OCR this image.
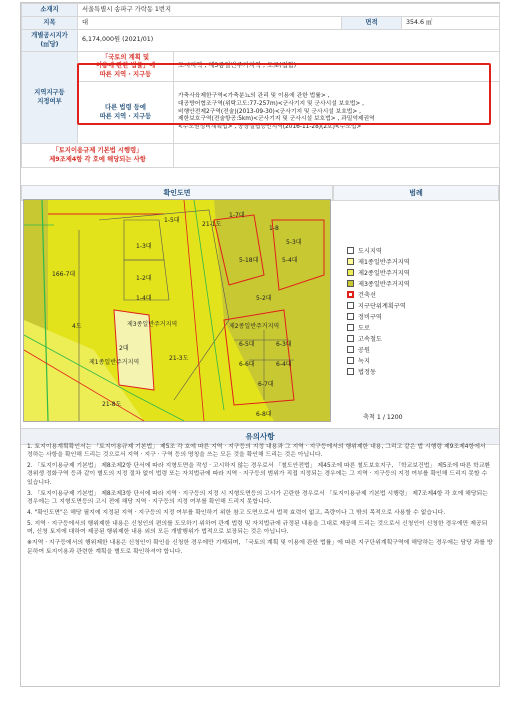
소재지	서울특별시 송파구 가락동 1번지			
지목	대		면적	354.6 ㎡
개별공시지가
(㎡당)	6,174,000원 (2021/01)			
지역지구등
지정여부	「국토의 계획 및
이용에 관한 법률」에
따른 지역 · 지구등	도시지역 , 제3종일반주거지역 , 도로(접함)		
	다른 법령 등에
따른 지역 · 지구등	가축사육제한구역<가축분뇨의 관리 및 이용에 관한 법률> ,
대공방어협조구역(위탁고도:77-257m)<군사기지 및 군사시설 보호법> ,
비행안전제2구역(전술)(2013-09-30)<군사기지 및 군사시설 보호법> ,
제한보호구역(전술항공:5km)<군사기지 및 군사시설 보호법> , 과밀억제권역
<수도권정비계획법> , 공장설립승인지역(2016-11-28)(2호)<수도법>		
「토지이용규제 기본법 시행령」
제9조제4항 각 호에 해당되는 사항				
확인도면	범례
166-7대
4도
1-5대
1-3대
1-2대
1-4대
1-8
5-3대
5-18대	5-4대
5-2대
6-5대	6-3대
6-4대
6-6대
6-7대
6-8대
2대
21-8도
21-3도
21-1도
1-7대
제3종일반주거지역	제2종일반주거지역
제1종일반주거지역
도시지역
제1종일반주거지역
제2종일반주거지역
제3종일반주거지역
건축선
지구단위계획구역
정비구역
도로
고속철도
공원
녹지
법정동
축척 1 / 1200
유의사항

1. 토지이용계획확인서는 「토지이용규제 기본법」 제5조 각 호에 따른 지역 · 지구등의 지정 내용과 그 지역 · 지구등에서의 행위제한 내용, 그리고 같은 법 시행령 제9조제4항에서 정하는 사항을 확인해 드리는 것으로서 지역 · 지구 · 구역 등의 명칭을 쓰는 모든 것을 확인해 드리는 것은 아닙니다.

2. 「토지이용규제 기본법」 제8조제2항 단서에 따라 지형도면을 작성 · 고시하지 않는 경우로서 「철도안전법」 제45조에 따른 철도보호지구, 「학교보건법」 제5조에 따른 학교환경위생 정화구역 등과 같이 별도의 지정 절차 없이 법령 또는 자치법규에 따라 지역 · 지구등의 범위가 직접 지정되는 경우에는 그 지역 · 지구등의 지정 여부를 확인해 드리지 못할 수 있습니다.

3. 「토지이용규제 기본법」 제8조제3항 단서에 따라 지역 · 지구등의 지정 시 지형도면등의 고시가 곤란한 경우로서 「토지이용규제 기본법 시행령」 제7조제4항 각 호에 해당되는 경우에는 그 지형도면등의 고시 전에 해당 지역 · 지구등의 지정 여부를 확인해 드리지 못합니다.

4. "확인도면"은 해당 필지에 지정된 지역 · 지구등의 지정 여부를 확인하기 위한 참고 도면으로서 법적 효력이 없고, 측량이나 그 밖의 목적으로 사용할 수 없습니다.

5. 지역 · 지구등에서의 행위제한 내용은 신청인의 편의를 도모하기 위하여 관계 법령 및 자치법규에 규정된 내용을 그대로 제공해 드리는 것으로서 신청인이 신청한 경우에만 제공되며, 신청 토지에 대하여 제공된 행위제한 내용 외의 모든 개발행위가 법적으로 보장되는 것은 아닙니다.

※지역 · 지구등에서의 행위제한 내용은 신청인이 확인을 신청한 경우에만 기재되며, 「국토의 계획 및 이용에 관한 법률」에 따른 지구단위계획구역에 해당하는 경우에는 담당 과를 방문하여 토지이용과 관련한 계획을 별도로 확인하셔야 합니다.
